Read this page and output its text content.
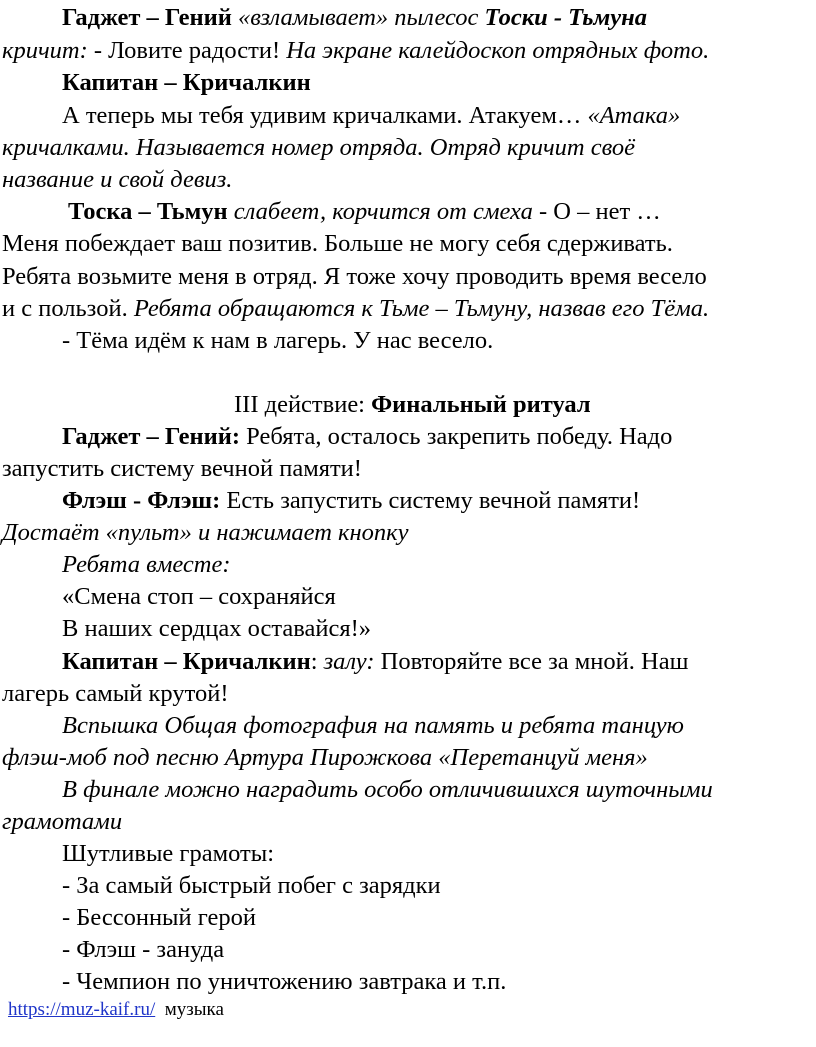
Гаджет – Гений «взламывает» пылесос Тоски - Тьмуна
кричит: - Ловите радости! На экране калейдоскоп отрядных фото.
Капитан – Кричалкин
А теперь мы тебя удивим кричалками. Атакуем… «Атака»
кричалками. Называется номер отряда. Отряд кричит своё
название и свой девиз.
Тоска – Тьмун слабеет, корчится от смеха - О – нет …
Меня побеждает ваш позитив. Больше не могу себя сдерживать.
Ребята возьмите меня в отряд. Я тоже хочу проводить время весело
и с пользой. Ребята обращаются к Тьме – Тьмуну, назвав его Тёма.
- Тёма идём к нам в лагерь. У нас весело.
III действие: Финальный ритуал
Гаджет – Гений: Ребята, осталось закрепить победу. Надо
запустить систему вечной памяти!
Флэш - Флэш: Есть запустить систему вечной памяти!
Достаёт «пульт» и нажимает кнопку
Ребята вместе:
«Смена стоп – сохраняйся
В наших сердцах оставайся!»
Капитан – Кричалкин: залу: Повторяйте все за мной. Наш
лагерь самый крутой!
Вспышка Общая фотография на память и ребята танцую
флэш-моб под песню Артура Пирожкова «Перетанцуй меня»
В финале можно наградить особо отличившихся шуточными
грамотами
Шутливые грамоты:
- За самый быстрый побег с зарядки
- Бессонный герой
- Флэш - зануда
- Чемпион по уничтожению завтрака и т.п.
https://muz-kaif.ru/ музыка
